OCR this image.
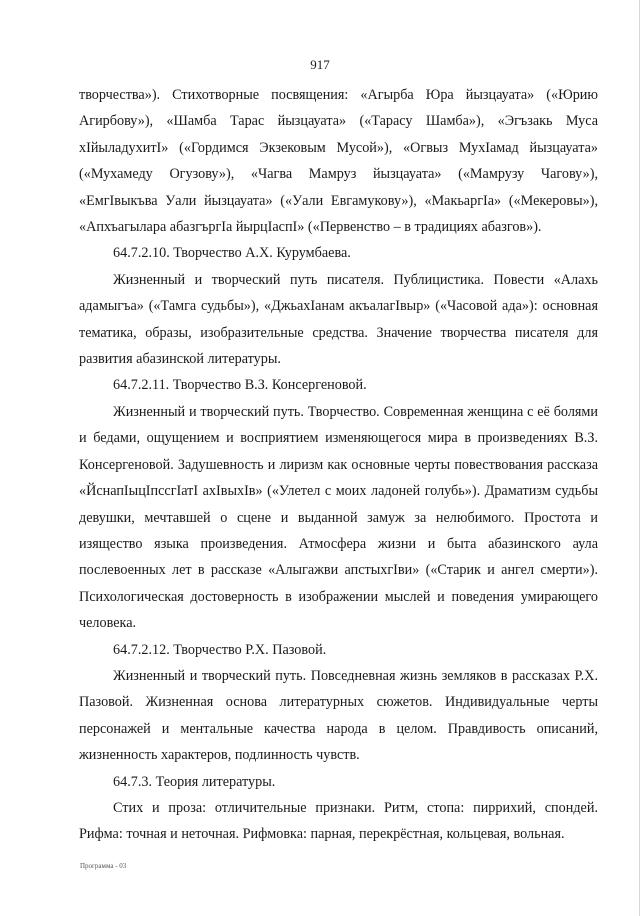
917

творчества»). Стихотворные посвящения: «Агырба Юра йызцауата» («Юрию Агирбову»), «Шамба Тарас йызцауата» («Тарасу Шамба»), «Эгъзакь Муса хIйыладухитI» («Гордимся Экзековым Мусой»), «Огвыз МухIамад йызцауата» («Мухамеду Огузову»), «Чагва Мамруз йызцауата» («Мамрузу Чагову»), «ЕмгIвыкъва Уали йызцауата» («Уали Евгамукову»), «МакьаргIа» («Мекеровы»), «Апхъагылара абазгъргIа йырцIаспI» («Первенство – в традициях абазгов»).

64.7.2.10. Творчество А.Х. Курумбаева.

Жизненный и творческий путь писателя. Публицистика. Повести «Алахь адамыгъа» («Тамга судьбы»), «ДжьахIанам акъалагIвыр» («Часовой ада»): основная тематика, образы, изобразительные средства. Значение творчества писателя для развития абазинской литературы.

64.7.2.11. Творчество В.З. Консергеновой.

Жизненный и творческий путь. Творчество. Современная женщина с её болями и бедами, ощущением и восприятием изменяющегося мира в произведениях В.З. Консергеновой. Задушевность и лиризм как основные черты повествования рассказа «ЙснапIыцIпсcгIатI ахIвыхIв» («Улетел с моих ладоней голубь»). Драматизм судьбы девушки, мечтавшей о сцене и выданной замуж за нелюбимого. Простота и изящество языка произведения. Атмосфера жизни и быта абазинского аула послевоенных лет в рассказе «Алыгажви апстыхгIви» («Старик и ангел смерти»). Психологическая достоверность в изображении мыслей и поведения умирающего человека.

64.7.2.12. Творчество Р.Х. Пазовой.

Жизненный и творческий путь. Повседневная жизнь земляков в рассказах Р.Х. Пазовой. Жизненная основа литературных сюжетов. Индивидуальные черты персонажей и ментальные качества народа в целом. Правдивость описаний, жизненность характеров, подлинность чувств.

64.7.3. Теория литературы.

Стих и проза: отличительные признаки. Ритм, стопа: пиррихий, спондей. Рифма: точная и неточная. Рифмовка: парная, перекрёстная, кольцевая, вольная.

Программа - 03
